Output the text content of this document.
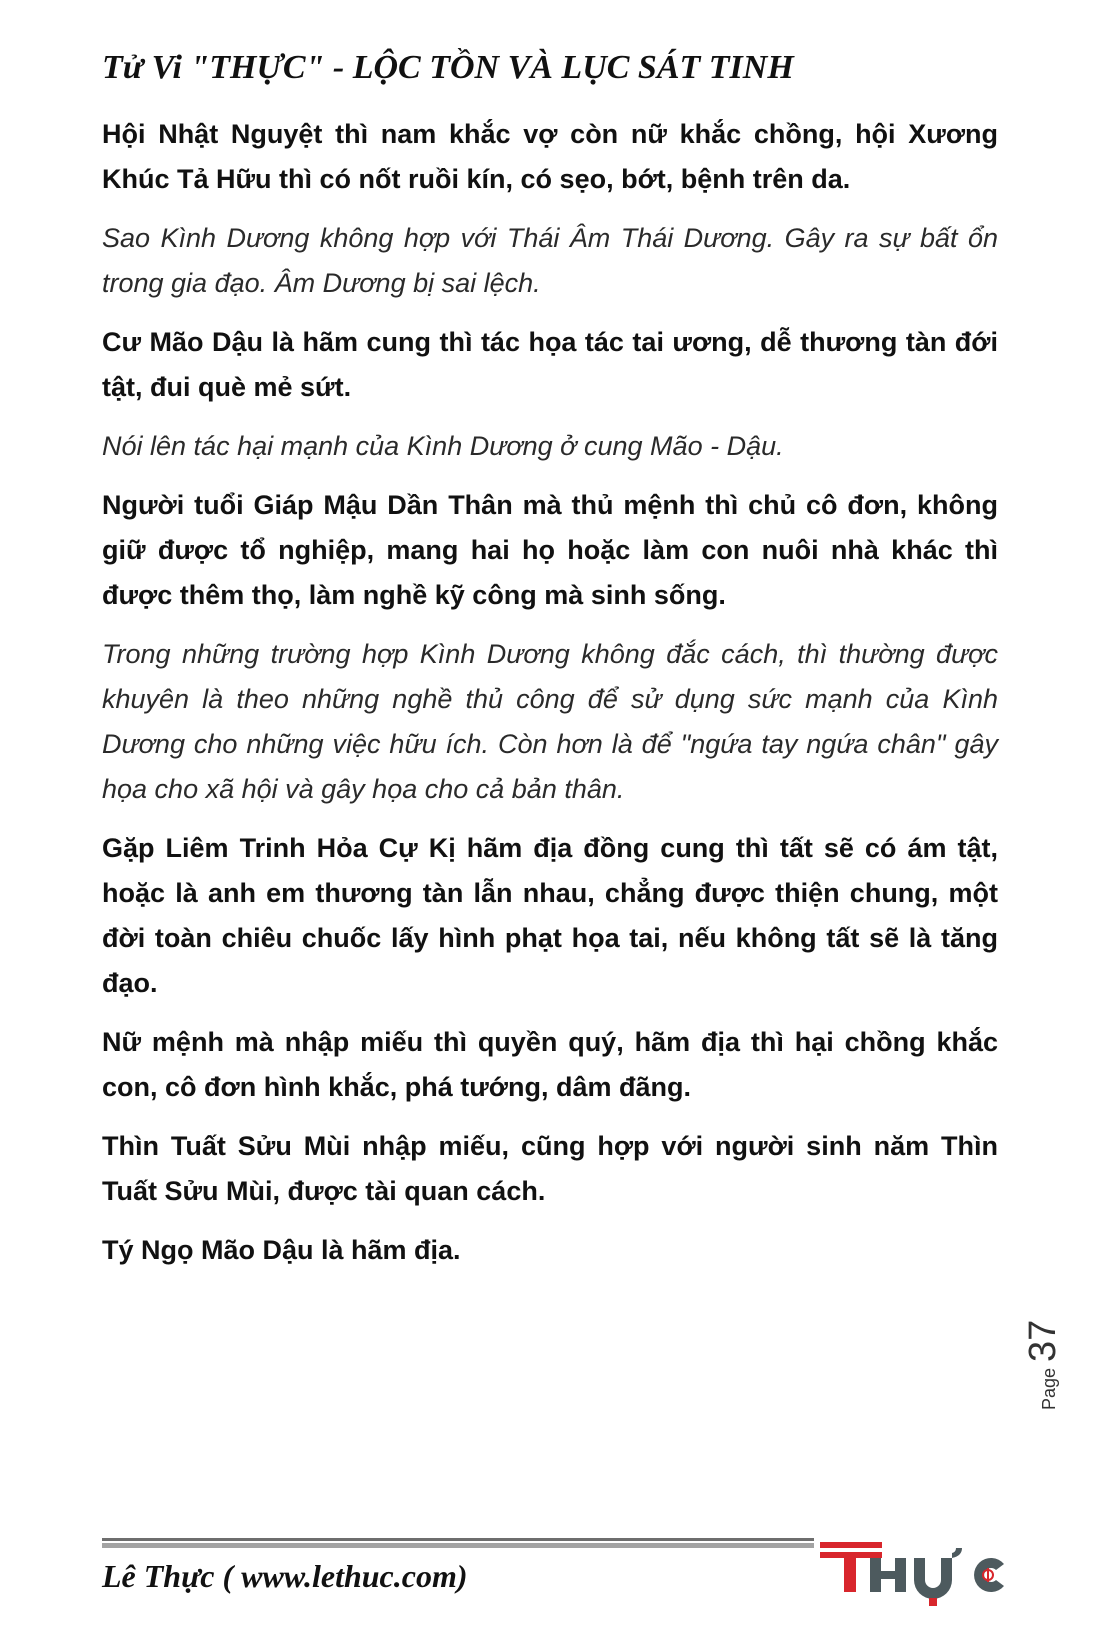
Tử Vi "THỰC" - LỘC TỒN VÀ LỤC SÁT TINH

Hội Nhật Nguyệt thì nam khắc vợ còn nữ khắc chồng, hội Xương Khúc Tả Hữu thì có nốt ruồi kín, có sẹo, bớt, bệnh trên da.

Sao Kình Dương không hợp với Thái Âm Thái Dương. Gây ra sự bất ổn trong gia đạo. Âm Dương bị sai lệch.

Cư Mão Dậu là hãm cung thì tác họa tác tai ương, dễ thương tàn đới tật, đui què mẻ sứt.

Nói lên tác hại mạnh của Kình Dương ở cung Mão - Dậu.

Người tuổi Giáp Mậu Dần Thân mà thủ mệnh thì chủ cô đơn, không giữ được tổ nghiệp, mang hai họ hoặc làm con nuôi nhà khác thì được thêm thọ, làm nghề kỹ công mà sinh sống.

Trong những trường hợp Kình Dương không đắc cách, thì thường được khuyên là theo những nghề thủ công để sử dụng sức mạnh của Kình Dương cho những việc hữu ích. Còn hơn là để "ngứa tay ngứa chân" gây họa cho xã hội và gây họa cho cả bản thân.

Gặp Liêm Trinh Hỏa Cự Kị hãm địa đồng cung thì tất sẽ có ám tật, hoặc là anh em thương tàn lẫn nhau, chẳng được thiện chung, một đời toàn chiêu chuốc lấy hình phạt họa tai, nếu không tất sẽ là tăng đạo.

Nữ mệnh mà nhập miếu thì quyền quý, hãm địa thì hại chồng khắc con, cô đơn hình khắc, phá tướng, dâm đãng.

Thìn Tuất Sửu Mùi nhập miếu, cũng hợp với người sinh năm Thìn Tuất Sửu Mùi, được tài quan cách.

Tý Ngọ Mão Dậu là hãm địa.

Page37
Lê Thực ( www.lethuc.com)
